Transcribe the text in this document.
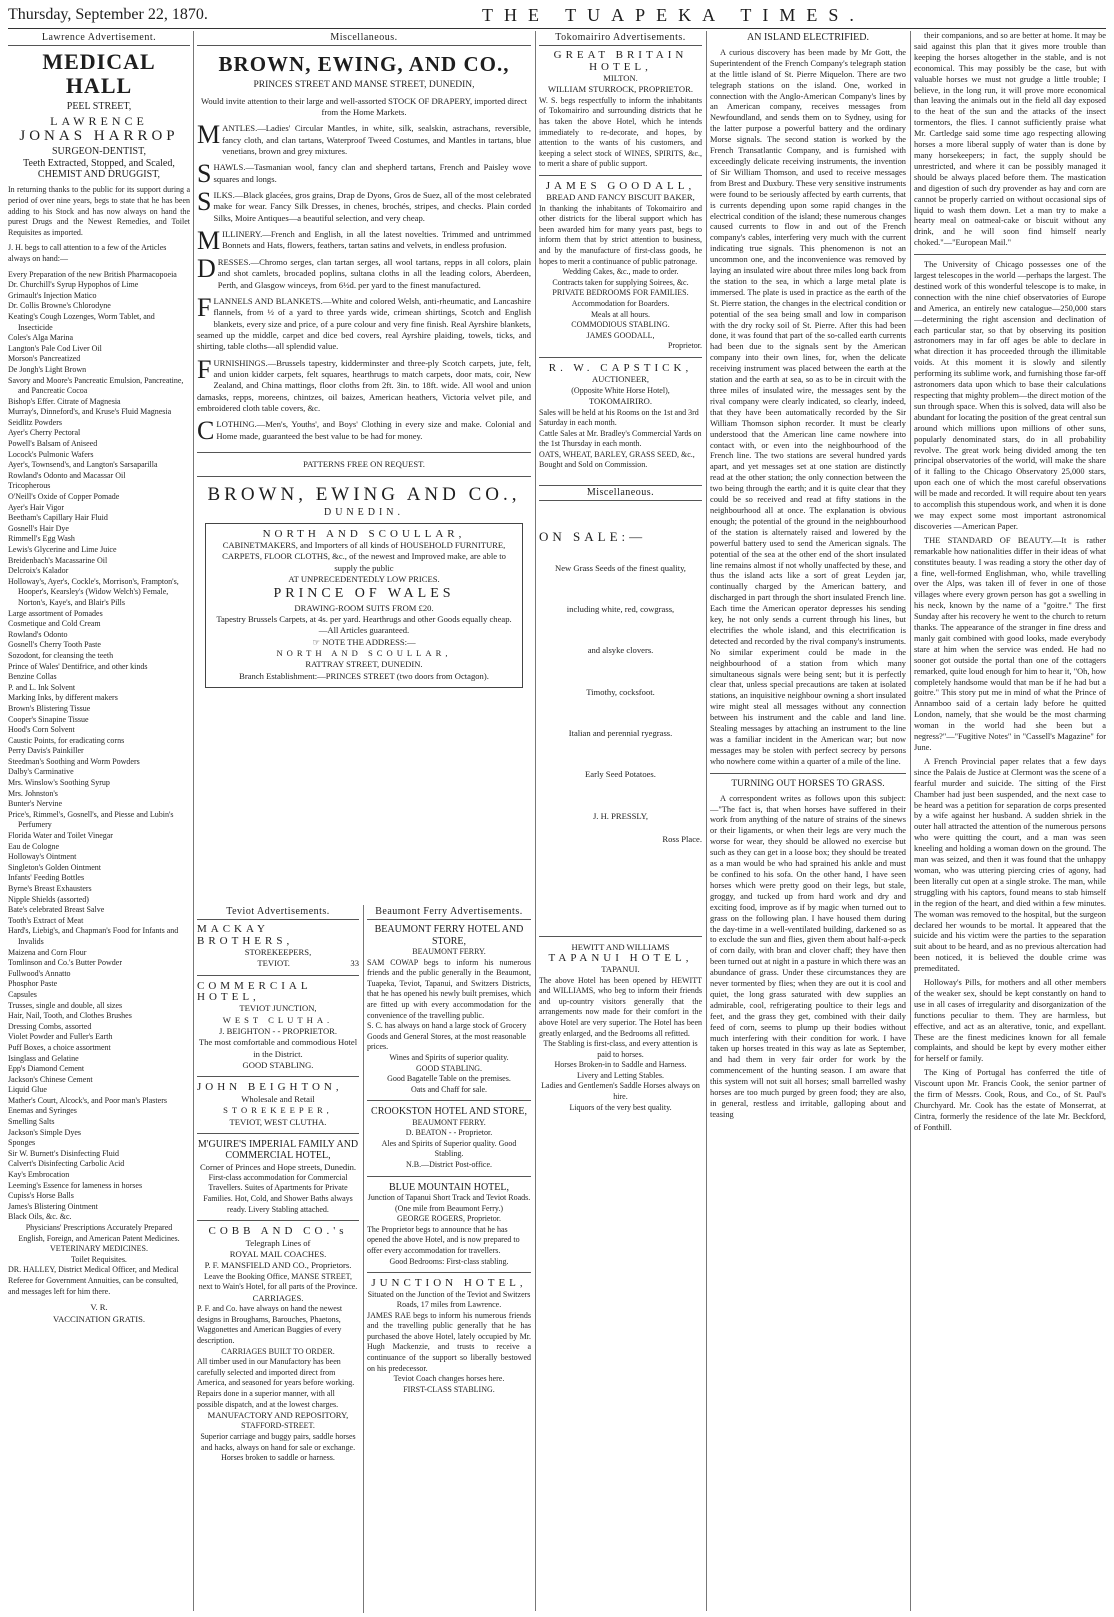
Thursday, September 22, 1870.	THE TUAPEKA TIMES.
Lawrence Advertisement.
MEDICAL HALL
PEEL STREET,
LAWRENCE
JONAS HARROP
SURGEON-DENTIST,
Teeth Extracted, Stopped, and Scaled,
CHEMIST AND DRUGGIST,

In returning thanks to the public for its support during a period of over nine years, begs to state that he has been adding to his Stock and has now always on hand the purest Drugs and the Newest Remedies, and Toilet Requisites as imported.

J. H. begs to call attention to a few of the Articles always on hand:—

Every Preparation of the new British Pharmacopoeia
Dr. Churchill's Syrup Hypophos of Lime
Grimault's Injection Matico
Dr. Collis Browne's Chlorodyne
Keating's Cough Lozenges, Worm Tablet, and Insecticide
Coles's Alga Marina
Langton's Pale Cod Liver Oil
Morson's Pancreatized
De Jongh's Light Brown
Savory and Moore's Pancreatic Emulsion, Pancreatine, and Pancreatic Cocoa
Bishop's Effer. Citrate of Magnesia
Murray's, Dinneford's, and Kruse's Fluid Magnesia
Seidlitz Powders
Ayer's Cherry Pectoral
Powell's Balsam of Aniseed
Locock's Pulmonic Wafers
Ayer's, Townsend's, and Langton's Sarsaparilla
Rowland's Odonto and Macassar Oil
Tricopherous
O'Neill's Oxide of Copper Pomade
Ayer's Hair Vigor
Beetham's Capillary Hair Fluid
Gosnell's Hair Dye
Rimmell's Egg Wash
Lewis's Glycerine and Lime Juice
Breidenbach's Macassarine Oil
Delcroix's Kalador
Holloway's, Ayer's, Cockle's, Morrison's, Frampton's, Hooper's, Kearsley's (Widow Welch's) Female, Norton's, Kaye's, and Blair's Pills
Large assortment of Pomades
Cosmetique and Cold Cream
Rowland's Odonto
Gosnell's Cherry Tooth Paste
Sozodont, for cleansing the teeth
Prince of Wales' Dentifrice, and other kinds
Benzine Collas
P. and L. Ink Solvent
Marking Inks, by different makers
Brown's Blistering Tissue
Cooper's Sinapine Tissue
Hood's Corn Solvent
Caustic Points, for eradicating corns
Perry Davis's Painkiller
Steedman's Soothing and Worm Powders
Dalby's Carminative
Mrs. Winslow's Soothing Syrup
Mrs. Johnston's
Bunter's Nervine
Price's, Rimmel's, Gosnell's, and Piesse and Lubin's Perfumery
Florida Water and Toilet Vinegar
Eau de Cologne
Holloway's Ointment
Singleton's Golden Ointment
Infants' Feeding Bottles
Byrne's Breast Exhausters
Nipple Shields (assorted)
Bate's celebrated Breast Salve
Tooth's Extract of Meat
Hard's, Liebig's, and Chapman's Food for Infants and Invalids
Maizena and Corn Flour
Tomlinson and Co.'s Butter Powder
Fullwood's Annatto
Phosphor Paste
Capsules
Trusses, single and double, all sizes
Hair, Nail, Tooth, and Clothes Brushes
Dressing Combs, assorted
Violet Powder and Fuller's Earth
Puff Boxes, a choice assortment
Isinglass and Gelatine
Epp's Diamond Cement
Jackson's Chinese Cement
Liquid Glue
Mather's Court, Alcock's, and Poor man's Plasters
Enemas and Syringes
Smelling Salts
Jackson's Simple Dyes
Sponges
Sir W. Burnett's Disinfecting Fluid
Calvert's Disinfecting Carbolic Acid
Kay's Embrocation
Leeming's Essence for lameness in horses
Cupiss's Horse Balls
James's Blistering Ointment
Black Oils, &c. &c.
Physicians' Prescriptions Accurately Prepared
English, Foreign, and American Patent Medicines.
VETERINARY MEDICINES.
Toilet Requisites.

DR. HALLEY, District Medical Officer, and Medical Referee for Government Annuities, can be consulted, and messages left for him there.

V. R.
VACCINATION GRATIS.
Miscellaneous.
BROWN, EWING, AND CO.,
PRINCES STREET AND MANSE STREET, DUNEDIN,

Would invite attention to their large and well-assorted STOCK OF DRAPERY, imported direct from the Home Markets.

MANTLES.—Ladies' Circular Mantles, in white, silk, sealskin, astrachans, reversible, fancy cloth, and clan tartans, Waterproof Tweed Costumes, and Mantles in tartans, blue venetians, brown and grey mixtures.

SHAWLS.—Tasmanian wool, fancy clan and shepherd tartans, French and Paisley wove squares and longs.

SILKS.—Black glacées, gros grains, Drap de Dyons, Gros de Suez, all of the most celebrated make for wear. Fancy Silk Dresses, in chenes, brochés, stripes, and checks. Plain corded Silks, Moire Antiques—a beautiful selection, and very cheap.

MILLINERY.—French and English, in all the latest novelties. Trimmed and untrimmed Bonnets and Hats, flowers, feathers, tartan satins and velvets, in endless profusion.

DRESSES.—Chromo serges, clan tartan serges, all wool tartans, repps in all colors, plain and shot camlets, brocaded poplins, sultana cloths in all the leading colors, Aberdeen, Perth, and Glasgow winceys, from 6½d. per yard to the finest manufactured.

FLANNELS AND BLANKETS.—White and colored Welsh, anti-rheumatic, and Lancashire flannels, from ½ of a yard to three yards wide, crimean shirtings, Scotch and English blankets, every size and price, of a pure colour and very fine finish. Real Ayrshire blankets, seamed up the middle, carpet and dice bed covers, real Ayrshire plaiding, towels, ticks, and shirting, table cloths—all splendid value.

FURNISHINGS.—Brussels tapestry, kidderminster and three-ply Scotch carpets, jute, felt, and union kidder carpets, felt squares, hearthrugs to match carpets, door mats, coir, New Zealand, and China mattings, floor cloths from 2ft. 3in. to 18ft. wide. All wool and union damasks, repps, moreens, chintzes, oil baizes, American heathers, Victoria velvet pile, and embroidered cloth table covers, &c.

CLOTHING.—Men's, Youths', and Boys' Clothing in every size and make. Colonial and Home made, guaranteed the best value to be had for money.

PATTERNS FREE ON REQUEST.
BROWN, EWING AND CO.,
DUNEDIN.
NORTH AND SCOULLAR,
CABINETMAKERS, and Importers of all kinds of HOUSEHOLD FURNITURE, CARPETS, FLOOR CLOTHS, &c., of the newest and Improved make, are able to supply the public
AT UNPRECEDENTEDLY LOW PRICES.
PRINCE OF WALES
DRAWING-ROOM SUITS FROM £20.
Tapestry Brussels Carpets, at 4s. per yard. Hearthrugs and other Goods equally cheap.—All Articles guaranteed.
☞ NOTE THE ADDRESS:—
NORTH AND SCOULLAR,
RATTRAY STREET, DUNEDIN.
Branch Establishment:—PRINCES STREET (two doors from Octagon).
Teviot Advertisements.
MACKAY BROTHERS,
STOREKEEPERS,
TEVIOT.	33
COMMERCIAL HOTEL,
TEVIOT JUNCTION,
WEST CLUTHA.
J. BEIGHTON - - PROPRIETOR.
The most comfortable and commodious Hotel in the District.
GOOD STABLING.
JOHN BEIGHTON,
Wholesale and Retail
STOREKEEPER,
TEVIOT, WEST CLUTHA.
M'GUIRE'S IMPERIAL FAMILY AND COMMERCIAL HOTEL,
Corner of Princes and Hope streets, Dunedin.
First-class accommodation for Commercial Travellers. Suites of Apartments for Private Families. Hot, Cold, and Shower Baths always ready. Livery Stabling attached.
COBB AND CO.'s
Telegraph Lines of
ROYAL MAIL COACHES.
P. F. MANSFIELD AND CO., Proprietors.
Leave the Booking Office, MANSE STREET, next to Wain's Hotel, for all parts of the Province.
CARRIAGES.
P. F. and Co. have always on hand the newest designs in Broughams, Barouches, Phaetons, Waggonettes and American Buggies of every description.
CARRIAGES BUILT TO ORDER.
All timber used in our Manufactory has been carefully selected and imported direct from America, and seasoned for years before working.
Repairs done in a superior manner, with all possible dispatch, and at the lowest charges.
MANUFACTORY AND REPOSITORY,
STAFFORD-STREET.
Superior carriage and buggy pairs, saddle horses and hacks, always on hand for sale or exchange.
Horses broken to saddle or harness.
Beaumont Ferry Advertisements.
BEAUMONT FERRY HOTEL AND STORE,
BEAUMONT FERRY.
SAM COWAP begs to inform his numerous friends and the public generally in the Beaumont, Tuapeka, Teviot, Tapanui, and Switzers Districts, that he has opened his newly built premises, which are fitted up with every accommodation for the convenience of the travelling public.
S. C. has always on hand a large stock of Grocery Goods and General Stores, at the most reasonable prices.
Wines and Spirits of superior quality.
GOOD STABLING.
Good Bagatelle Table on the premises.
Oats and Chaff for sale.
CROOKSTON HOTEL AND STORE,
BEAUMONT FERRY.
D. BEATON - - Proprietor.
Ales and Spirits of Superior quality. Good Stabling.
N.B.—District Post-office.
BLUE MOUNTAIN HOTEL,
Junction of Tapanui Short Track and Teviot Roads.
(One mile from Beaumont Ferry.)
GEORGE ROGERS, Proprietor.
The Proprietor begs to announce that he has opened the above Hotel, and is now prepared to offer every accommodation for travellers.
Good Bedrooms: First-class stabling.
JUNCTION HOTEL,
Situated on the Junction of the Teviot and Switzers Roads, 17 miles from Lawrence.
JAMES RAE begs to inform his numerous friends and the travelling public generally that he has purchased the above Hotel, lately occupied by Mr. Hugh Mackenzie, and trusts to receive a continuance of the support so liberally bestowed on his predecessor.
Teviot Coach changes horses here.
FIRST-CLASS STABLING.
Tokomairiro Advertisements.
GREAT BRITAIN HOTEL,
MILTON.
WILLIAM STURROCK, PROPRIETOR.
W. S. begs respectfully to inform the inhabitants of Tokomairiro and surrounding districts that he has taken the above Hotel, which he intends immediately to re-decorate, and hopes, by attention to the wants of his customers, and keeping a select stock of WINES, SPIRITS, &c., to merit a share of public support.
JAMES GOODALL,
BREAD AND FANCY BISCUIT BAKER,
In thanking the inhabitants of Tokomairiro and other districts for the liberal support which has been awarded him for many years past, begs to inform them that by strict attention to business, and by the manufacture of first-class goods, he hopes to merit a continuance of public patronage.
Wedding Cakes, &c., made to order.
Contracts taken for supplying Soirees, &c.
PRIVATE BEDROOMS FOR FAMILIES.
Accommodation for Boarders.
Meals at all hours.
COMMODIOUS STABLING.
JAMES GOODALL,
Proprietor.
R. W. CAPSTICK,
AUCTIONEER,
(Opposite White Horse Hotel),
TOKOMAIRIRO.
Sales will be held at his Rooms on the 1st and 3rd Saturday in each month.
Cattle Sales at Mr. Bradley's Commercial Yards on the 1st Thursday in each month.
OATS, WHEAT, BARLEY, GRASS SEED, &c., Bought and Sold on Commission.
Miscellaneous.
ON SALE:—
New Grass Seeds of the finest quality,
including white, red, cowgrass,
and alsyke clovers.
Timothy, cocksfoot.
Italian and perennial ryegrass.
Early Seed Potatoes.
J. H. PRESSLY,
Ross Place.
HEWITT AND WILLIAMS
TAPANUI HOTEL,
TAPANUI.
The above Hotel has been opened by HEWITT and WILLIAMS, who beg to inform their friends and up-country visitors generally that the arrangements now made for their comfort in the above Hotel are very superior. The Hotel has been greatly enlarged, and the Bedrooms all refitted.
The Stabling is first-class, and every attention is paid to horses.
Horses Broken-in to Saddle and Harness.
Livery and Letting Stables.
Ladies and Gentlemen's Saddle Horses always on hire.
Liquors of the very best quality.
AN ISLAND ELECTRIFIED.

A curious discovery has been made by Mr Gott, the Superintendent of the French Company's telegraph station at the little island of St. Pierre Miquelon. There are two telegraph stations on the island. One, worked in connection with the Anglo-American Company's lines by an American company, receives messages from Newfoundland, and sends them on to Sydney, using for the latter purpose a powerful battery and the ordinary Morse signals. The second station is worked by the French Transatlantic Company, and is furnished with exceedingly delicate receiving instruments, the invention of Sir William Thomson, and used to receive messages from Brest and Duxbury. These very sensitive instruments were found to be seriously affected by earth currents, that is currents depending upon some rapid changes in the electrical condition of the island; these numerous changes caused currents to flow in and out of the French company's cables, interfering very much with the current indicating true signals. This phenomenon is not an uncommon one, and the inconvenience was removed by laying an insulated wire about three miles long back from the station to the sea, in which a large metal plate is immersed. The plate is used in practice as the earth of the St. Pierre station, the changes in the electrical condition or potential of the sea being small and low in comparison with the dry rocky soil of St. Pierre. After this had been done, it was found that part of the so-called earth currents had been due to the signals sent by the American company into their own lines, for, when the delicate receiving instrument was placed between the earth at the station and the earth at sea, so as to be in circuit with the three miles of insulated wire, the messages sent by the rival company were clearly indicated, so clearly, indeed, that they have been automatically recorded by the Sir William Thomson siphon recorder. It must be clearly understood that the American line came nowhere into contact with, or even into the neighbourhood of the French line. The two stations are several hundred yards apart, and yet messages set at one station are distinctly read at the other station; the only connection between the two being through the earth; and it is quite clear that they could be so received and read at fifty stations in the neighbourhood all at once. The explanation is obvious enough; the potential of the ground in the neighbourhood of the station is alternately raised and lowered by the powerful battery used to send the American signals. The potential of the sea at the other end of the short insulated line remains almost if not wholly unaffected by these, and thus the island acts like a sort of great Leyden jar, continually charged by the American battery, and discharged in part through the short insulated French line. Each time the American operator depresses his sending key, he not only sends a current through his lines, but electrifies the whole island, and this electrification is detected and recorded by the rival company's instruments. No similar experiment could be made in the neighbourhood of a station from which many simultaneous signals were being sent; but it is perfectly clear that, unless special precautions are taken at isolated stations, an inquisitive neighbour owning a short insulated wire might steal all messages without any connection between his instrument and the cable and land line. Stealing messages by attaching an instrument to the line was a familiar incident in the American war; but now messages may be stolen with perfect secrecy by persons who nowhere come within a quarter of a mile of the line.

TURNING OUT HORSES TO GRASS.

A correspondent writes as follows upon this subject:—"The fact is, that when horses have suffered in their work from anything of the nature of strains of the sinews or their ligaments, or when their legs are very much the worse for wear, they should be allowed no exercise but such as they can get in a loose box; they should be treated as a man would be who had sprained his ankle and must be confined to his sofa. On the other hand, I have seen horses which were pretty good on their legs, but stale, groggy, and tucked up from hard work and dry and exciting food, improve as if by magic when turned out to grass on the following plan. I have housed them during the day-time in a well-ventilated building, darkened so as to exclude the sun and flies, given them about half-a-peck of corn daily, with bran and clover chaff; they have then been turned out at night in a pasture in which there was an abundance of grass. Under these circumstances they are never tormented by flies; when they are out it is cool and quiet, the long grass saturated with dew supplies an admirable, cool, refrigerating poultice to their legs and feet, and the grass they get, combined with their daily feed of corn, seems to plump up their bodies without much interfering with their condition for work. I have taken up horses treated in this way as late as September, and had them in very fair order for work by the commencement of the hunting season. I am aware that this system will not suit all horses; small barrelled washy horses are too much purged by green food; they are also, in general, restless and irritable, galloping about and teasing

their companions, and so are better at home. It may be said against this plan that it gives more trouble than keeping the horses altogether in the stable, and is not economical. This may possibly be the case, but with valuable horses we must not grudge a little trouble; I believe, in the long run, it will prove more economical than leaving the animals out in the field all day exposed to the heat of the sun and the attacks of the insect tormentors, the flies. I cannot sufficiently praise what Mr. Cartledge said some time ago respecting allowing horses a more liberal supply of water than is done by many horsekeepers; in fact, the supply should be unrestricted, and where it can be possibly managed it should be always placed before them. The mastication and digestion of such dry provender as hay and corn are cannot be properly carried on without occasional sips of liquid to wash them down. Let a man try to make a hearty meal on oatmeal-cake or biscuit without any drink, and he will soon find himself nearly choked."—"European Mail."

The University of Chicago possesses one of the largest telescopes in the world —perhaps the largest. The destined work of this wonderful telescope is to make, in connection with the nine chief observatories of Europe and America, an entirely new catalogue—250,000 stars—determining the right ascension and declination of each particular star, so that by observing its position astronomers may in far off ages be able to declare in what direction it has proceeded through the illimitable voids. At this moment it is slowly and silently performing its sublime work, and furnishing those far-off astronomers data upon which to base their calculations respecting that mighty problem—the direct motion of the sun through space. When this is solved, data will also be abundant for locating the position of the great central sun around which millions upon millions of other suns, popularly denominated stars, do in all probability revolve. The great work being divided among the ten principal observatories of the world, will make the share of it falling to the Chicago Observatory 25,000 stars, upon each one of which the most careful observations will be made and recorded. It will require about ten years to accomplish this stupendous work, and when it is done we may expect some most important astronomical discoveries —American Paper.

THE STANDARD OF BEAUTY.—It is rather remarkable how nationalities differ in their ideas of what constitutes beauty. I was reading a story the other day of a fine, well-formed Englishman, who, while travelling over the Alps, was taken ill of fever in one of those villages where every grown person has got a swelling in his neck, known by the name of a "goitre." The first Sunday after his recovery he went to the church to return thanks. The appearance of the stranger in fine dress and manly gait combined with good looks, made everybody stare at him when the service was ended. He had no sooner got outside the portal than one of the cottagers remarked, quite loud enough for him to hear it, "Oh, how completely handsome would that man be if he had but a goitre." This story put me in mind of what the Prince of Annamboo said of a certain lady before he quitted London, namely, that she would be the most charming woman in the world had she been but a negress?"—"Fugitive Notes" in "Cassell's Magazine" for June.

A French Provincial paper relates that a few days since the Palais de Justice at Clermont was the scene of a fearful murder and suicide. The sitting of the First Chamber had just been suspended, and the next case to be heard was a petition for separation de corps presented by a wife against her husband. A sudden shriek in the outer hall attracted the attention of the numerous persons who were quitting the court, and a man was seen kneeling and holding a woman down on the ground. The man was seized, and then it was found that the unhappy woman, who was uttering piercing cries of agony, had been literally cut open at a single stroke. The man, while struggling with his captors, found means to stab himself in the region of the heart, and died within a few minutes. The woman was removed to the hospital, but the surgeon declared her wounds to be mortal. It appeared that the suicide and his victim were the parties to the separation suit about to be heard, and as no previous altercation had been noticed, it is believed the double crime was premeditated.

Holloway's Pills, for mothers and all other members of the weaker sex, should be kept constantly on hand to use in all cases of irregularity and disorganization of the functions peculiar to them. They are harmless, but effective, and act as an alterative, tonic, and expellant. These are the finest medicines known for all female complaints, and should be kept by every mother either for herself or family.

The King of Portugal has conferred the title of Viscount upon Mr. Francis Cook, the senior partner of the firm of Messrs. Cook, Rous, and Co., of St. Paul's Churchyard. Mr. Cook has the estate of Monserrat, at Cintra, formerly the residence of the late Mr. Beckford, of Fonthill.
